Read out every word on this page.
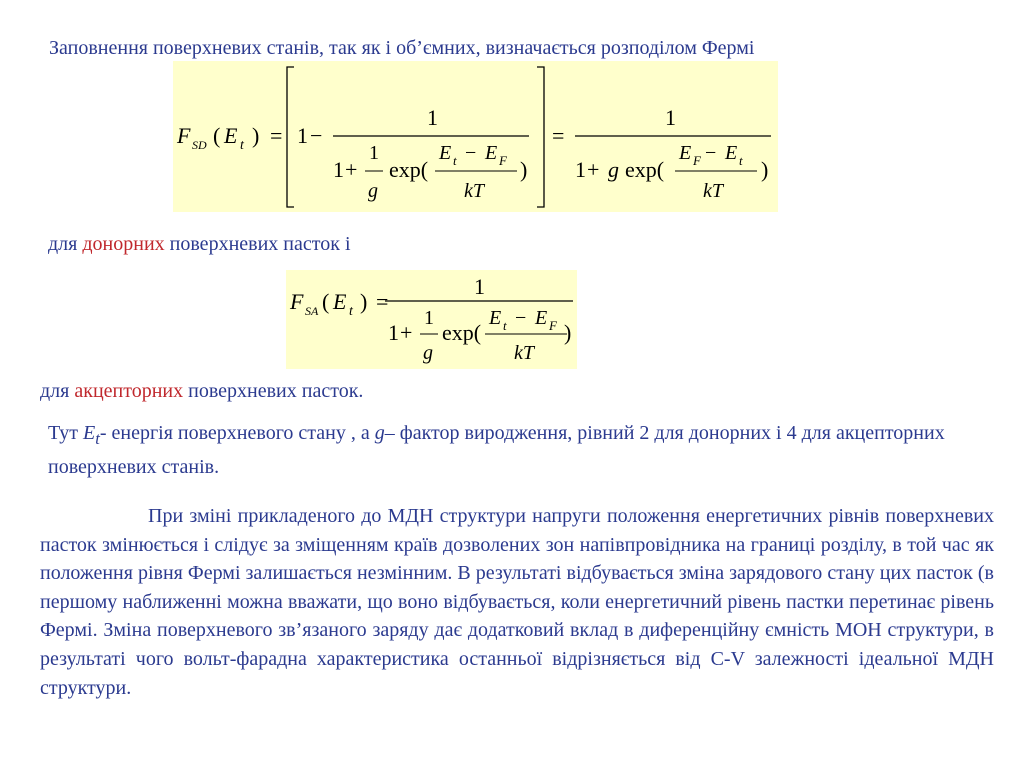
Заповнення поверхневих станів, так як і об’ємних, визначається розподілом Фермі
F SD ( E t ) = 1 −
1
1 +
1
g
exp(
E t − E F
kT
)
=
1
1 + g exp(
E F − E t
kT
)
для донорних поверхневих пасток і
F SA ( E t ) =
1
1 +
1
g
exp(
E t − E F
kT
)
для акцепторних поверхневих пасток.
Тут $E_t-$ енергія поверхневого стану , а g– фактор виродження, рівний 2 для донорних і 4 для акцепторних поверхневих станів.
При зміні прикладеного до МДН структури напруги положення енергетичних рівнів поверхневих пасток змінюється і слідує за зміщенням країв дозволених зон напівпровідника на границі розділу, в той час як положення рівня Фермі залишається незмінним. В результаті відбувається зміна зарядового стану цих пасток (в першому наближенні можна вважати, що воно відбувається, коли енергетичний рівень пастки перетинає рівень Фермі. Зміна поверхневого зв’язаного заряду дає додатковий вклад в диференційну ємність МОН структури, в результаті чого вольт-фарадна характеристика останньої відрізняється від C-V залежності ідеальної МДН структури.
